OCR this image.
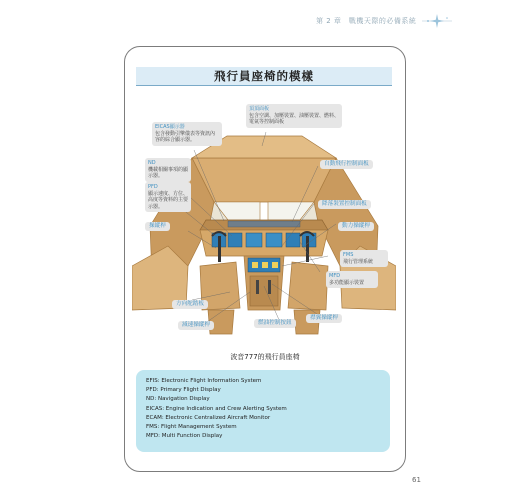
第 2 章　戰機天際的必備系統
飛行員座椅的模樣
頂頂面板
包含空調、加壓裝置、油壓裝置、燃料、電氣等控制面板
EICAS顯示器
包含發動引擎儀表等資訊內容的綜合顯示器。
ND
機載相關事項的顯示器。
PFD
顯示速度、方位、高度等資料的主要示器。
操縱桿
自動飛行控制面板
降落裝置控制面板
動力操縱桿
FMS
飛行管理系統
MFD
多功能顯示裝置
方向舵踏板
減速操縱桿	燃油控制按鈕
襟翼操縱桿
波音777的飛行員座椅
EFIS: Electronic Flight Information System
PFD: Primary Flight Display
ND: Navigation Display
EICAS: Engine Indication and Crew Alerting System
ECAM: Electronic Centralized Aircraft Monitor
FMS: Flight Management System
MFD: Multi Function Display
61
